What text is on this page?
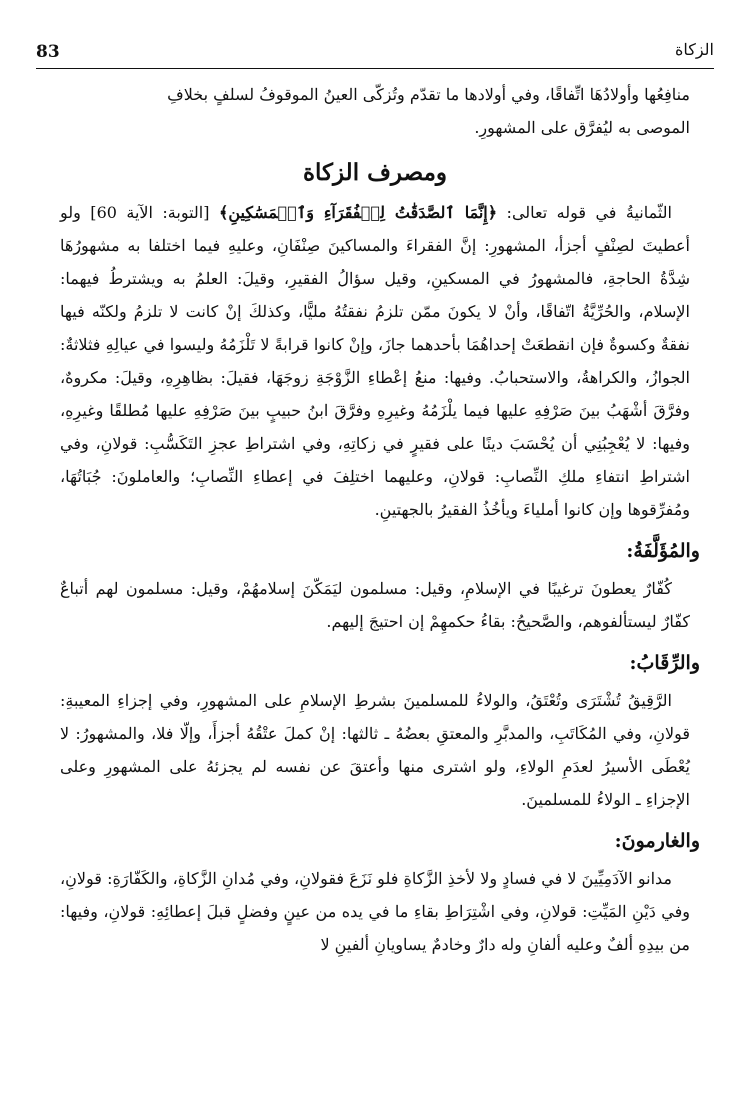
83	الزكاة

منافِعُها وأولادُهَا اتِّفاقًا، وفي أولادها ما تقدّم وتُزكّى العينُ الموقوفُ لسلفٍ بخلافِ

الموصى به ليُفرَّق على المشهورِ.

ومصرف الزكاة

الثّمانيةُ في قوله تعالى: ﴿إِنَّمَا ٱلصَّدَقَٰتُ لِلۡفُقَرَآءِ وَٱلۡمَسَٰكِينِ﴾ [التوبة: الآية 60] ولو أعطيتَ لصِنْفٍ أجزأ، المشهورِ: إنَّ الفقراءَ والمساكينَ صِنْفَانِ، وعليهِ فيما اختلفا به مشهورُهَا شِدَّةُ الحاجةِ، فالمشهورُ في المسكينِ، وقيل سؤالُ الفقيرِ، وقيلَ: العلمُ به ويشترطُ فيهما: الإسلام، والحُرِّيَّةُ اتّفاقًا، وأنْ لا يكونَ ممّن تلزمُ نفقتُهُ مليًّا، وكذلكَ إنْ كانت لا تلزمُ ولكنّه فيها نفقةٌ وكسوةٌ فإن انقطعَتْ إحداهُمَا بأحدهما جازَ، وإنْ كانوا قرابةً لا تَلْزَمُهُ وليسوا في عيالِهِ فثلاثةٌ: الجوازُ، والكراهةُ، والاستحبابُ. وفيها: منعُ إعْطاءِ الزَّوْجَةِ زوجَهَا، فقيلَ: بظاهِرِهِ، وقيلَ: مكروهٌ، وفرَّقَ أشْهَبُ بينَ صَرْفِهِ عليها فيما يلْزَمُهُ وغيرِهِ وفرَّقَ ابنُ حبيبٍ بينَ صَرْفِهِ عليها مُطلقًا وغيرِهِ، وفيها: لا يُعْجِبُنِي أن يُحْسَبَ دينًا على فقيرٍ في زكاتِهِ، وفي اشتراطِ عجزِ التَكَسُّبِ: قولانِ، وفي اشتراطِ انتفاءِ ملكِ النِّصابِ: قولانِ، وعليهما اختلِفَ في إعطاءِ النِّصابِ؛ والعاملونَ: جُبَاتُهَا، ومُفرِّقوها وإن كانوا أملياءَ ويأخُذُ الفقيرُ بالجهتينِ.

والمُؤَلَّفَةُ:

كُفّارٌ يعطونَ ترغيبًا في الإسلامِ، وقيل: مسلمون ليَمَكّنَ إسلامهُمْ، وقيل: مسلمون لهم أتباعٌ كفّارٌ ليستألفوهم، والصَّحيحُ: بقاءُ حكمهِمْ إن احتيجَ إليهم.

والرِّقَابُ:

الرَّقِيقُ تُشْتَرَى وتُعْتَقُ، والولاءُ للمسلمينَ بشرطِ الإسلامِ على المشهورِ، وفي إجزاءِ المعيبةِ: قولانِ، وفي المُكَاتَبِ، والمدبَّرِ والمعتقِ بعضُهُ ـ ثالثها: إنْ كملَ عتْقُهُ أجزأَ، وإلّا فلا، والمشهورُ: لا يُعْطَى الأسيرُ لعدَمِ الولاءِ، ولو اشترى منها وأعتقَ عن نفسه لم يجزئهُ على المشهورِ وعلى الإجزاءِ ـ الولاءُ للمسلمينَ.

والغارمونَ:

مدانو الآدَمِيِّينَ لا في فسادٍ ولا لأخذِ الزَّكاةِ فلو نَزَعَ فقولانِ، وفي مُدانِ الزَّكاةِ، والكَفّارَةِ: قولانِ، وفي دَيْنِ المَيِّتِ: قولانِ، وفي اشْتِرَاطِ بقاءِ ما في يده من عينٍ وفضلٍ قبلَ إعطائِهِ: قولانِ، وفيها: من بيدِهِ ألفٌ وعليه ألفانِ وله دارٌ وخادمٌ يساويانِ ألفينِ لا
